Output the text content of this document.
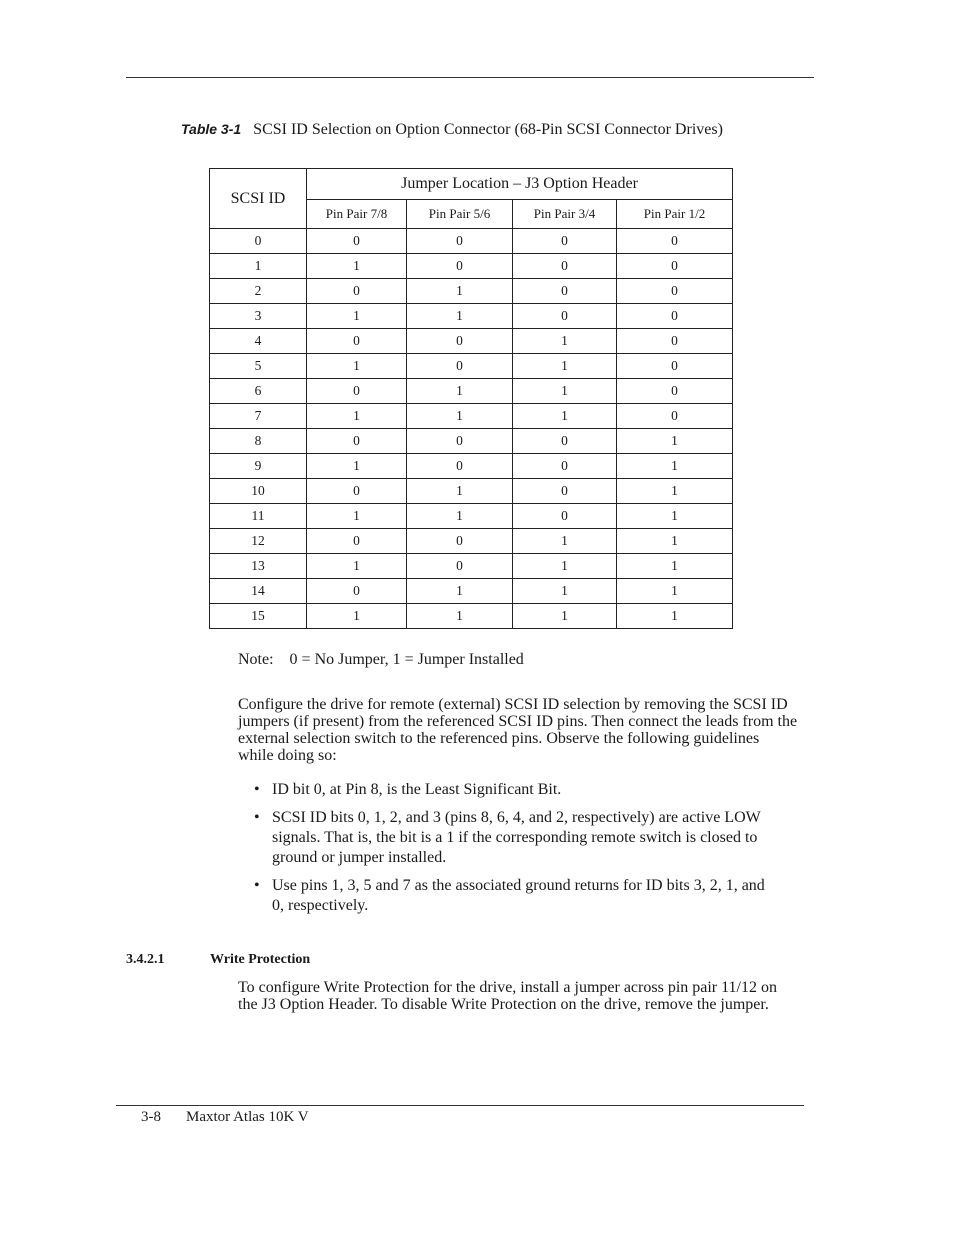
Table 3-1 SCSI ID Selection on Option Connector (68-Pin SCSI Connector Drives)
SCSI ID	Jumper Location – J3 Option Header			
	Pin Pair 7/8	Pin Pair 5/6	Pin Pair 3/4	Pin Pair 1/2
0	0	0	0	0
1	1	0	0	0
2	0	1	0	0
3	1	1	0	0
4	0	0	1	0
5	1	0	1	0
6	0	1	1	0
7	1	1	1	0
8	0	0	0	1
9	1	0	0	1
10	0	1	0	1
11	1	1	0	1
12	0	0	1	1
13	1	0	1	1
14	0	1	1	1
15	1	1	1	1
Note: 0 = No Jumper, 1 = Jumper Installed
Configure the drive for remote (external) SCSI ID selection by removing the SCSI ID jumpers (if present) from the referenced SCSI ID pins. Then connect the leads from the external selection switch to the referenced pins. Observe the following guidelines while doing so:
• ID bit 0, at Pin 8, is the Least Significant Bit.
• SCSI ID bits 0, 1, 2, and 3 (pins 8, 6, 4, and 2, respectively) are active LOW signals. That is, the bit is a 1 if the corresponding remote switch is closed to ground or jumper installed.
• Use pins 1, 3, 5 and 7 as the associated ground returns for ID bits 3, 2, 1, and 0, respectively.
3.4.2.1	Write Protection
To configure Write Protection for the drive, install a jumper across pin pair 11/12 on the J3 Option Header. To disable Write Protection on the drive, remove the jumper.
3-8 Maxtor Atlas 10K V
